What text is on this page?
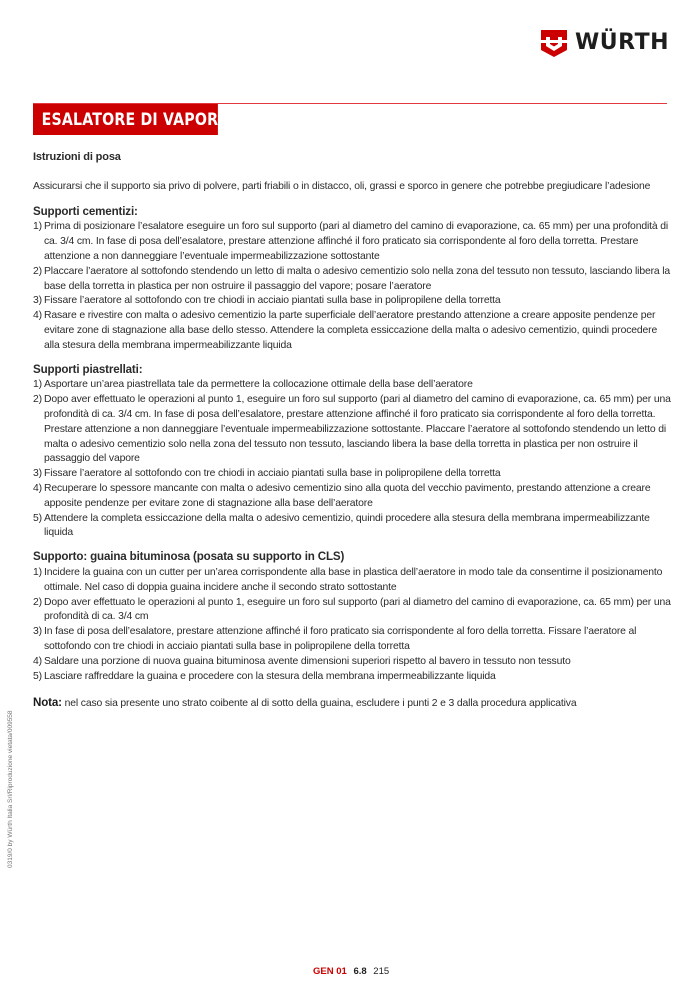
WÜRTH
ESALATORE DI VAPORE
Istruzioni di posa
Assicurarsi che il supporto sia privo di polvere, parti friabili o in distacco, oli, grassi e sporco in genere che potrebbe pregiudicare l’adesione
Supporti cementizi:
1) Prima di posizionare l’esalatore eseguire un foro sul supporto (pari al diametro del camino di evaporazione, ca. 65 mm) per una profondità di ca. 3/4 cm. In fase di posa dell’esalatore, prestare attenzione affinché il foro praticato sia corrispondente al foro della torretta. Prestare attenzione a non danneggiare l’eventuale impermeabilizzazione sottostante
2) Placcare l’aeratore al sottofondo stendendo un letto di malta o adesivo cementizio solo nella zona del tessuto non tessuto, lasciando libera la base della torretta in plastica per non ostruire il passaggio del vapore; posare l’aeratore
3) Fissare l’aeratore al sottofondo con tre chiodi in acciaio piantati sulla base in polipropilene della torretta
4) Rasare e rivestire con malta o adesivo cementizio la parte superficiale dell’aeratore prestando attenzione a creare apposite pendenze per evitare zone di stagnazione alla base dello stesso. Attendere la completa essiccazione della malta o adesivo cementizio, quindi procedere alla stesura della membrana impermeabilizzante liquida
Supporti piastrellati:
1) Asportare un’area piastrellata tale da permettere la collocazione ottimale della base dell’aeratore
2) Dopo aver effettuato le operazioni al punto 1, eseguire un foro sul supporto (pari al diametro del camino di evaporazione, ca. 65 mm) per una profondità di ca. 3/4 cm. In fase di posa dell’esalatore, prestare attenzione affinché il foro praticato sia corrispondente al foro della torretta. Prestare attenzione a non danneggiare l’eventuale impermeabilizzazione sottostante. Placcare l’aeratore al sottofondo stendendo un letto di malta o adesivo cementizio solo nella zona del tessuto non tessuto, lasciando libera la base della torretta in plastica per non ostruire il passaggio del vapore
3) Fissare l’aeratore al sottofondo con tre chiodi in acciaio piantati sulla base in polipropilene della torretta
4) Recuperare lo spessore mancante con malta o adesivo cementizio sino alla quota del vecchio pavimento, prestando attenzione a creare apposite pendenze per evitare zone di stagnazione alla base dell’aeratore
5) Attendere la completa essiccazione della malta o adesivo cementizio, quindi procedere alla stesura della membrana impermeabilizzante liquida
Supporto: guaina bituminosa (posata su supporto in CLS)
1) Incidere la guaina con un cutter per un’area corrispondente alla base in plastica dell’aeratore in modo tale da consentirne il posizionamento ottimale. Nel caso di doppia guaina incidere anche il secondo strato sottostante
2) Dopo aver effettuato le operazioni al punto 1, eseguire un foro sul supporto (pari al diametro del camino di evaporazione, ca. 65 mm) per una profondità di ca. 3/4 cm
3) In fase di posa dell’esalatore, prestare attenzione affinché il foro praticato sia corrispondente al foro della torretta. Fissare l’aeratore al sottofondo con tre chiodi in acciaio piantati sulla base in polipropilene della torretta
4) Saldare una porzione di nuova guaina bituminosa avente dimensioni superiori rispetto al bavero in tessuto non tessuto
5) Lasciare raffreddare la guaina e procedere con la stesura della membrana impermeabilizzante liquida
Nota: nel caso sia presente uno strato coibente al di sotto della guaina, escludere i punti 2 e 3 dalla procedura applicativa
0319/0 by Würth Italia Srl/Riproduzione vietata/009558
GEN 01 6.8 215
